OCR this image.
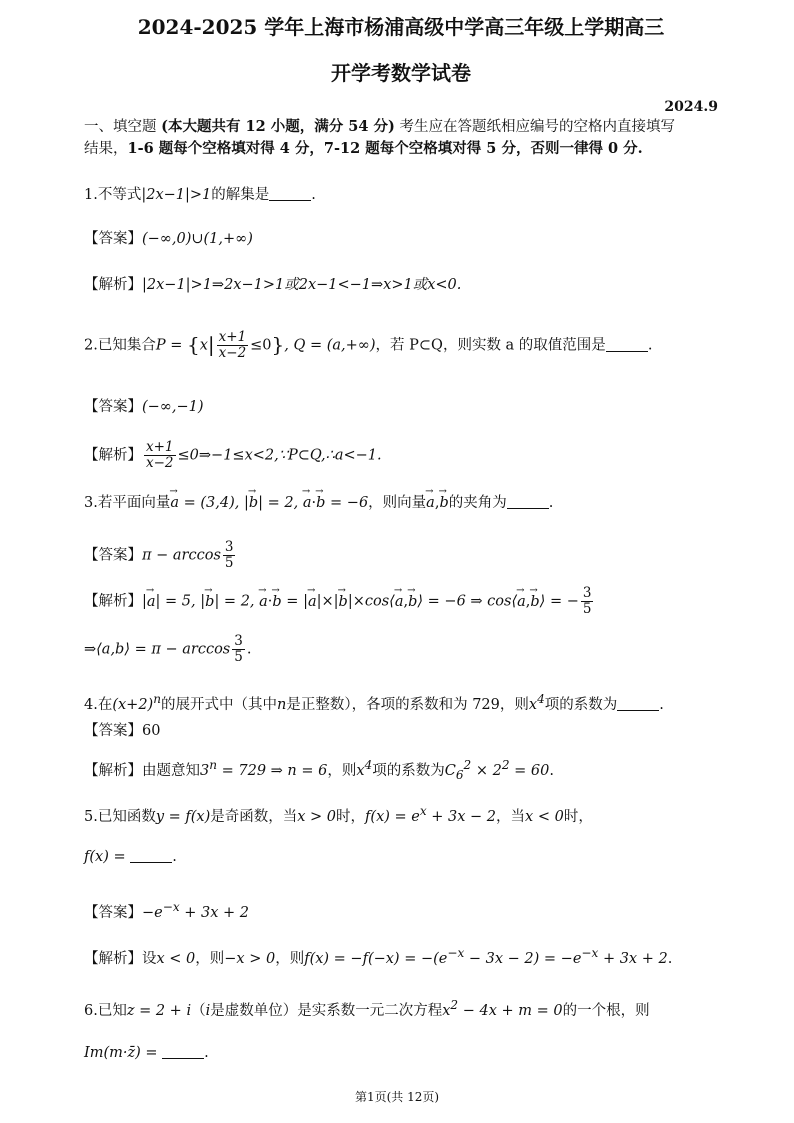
2024-2025 学年上海市杨浦高级中学高三年级上学期高三

开学考数学试卷

2024.9
一、填空题 (本大题共有 12 小题，满分 54 分) 考生应在答题纸相应编号的空格内直接填写
结果，1-6 题每个空格填对得 4 分，7-12 题每个空格填对得 5 分，否则一律得 0 分.
1.不等式|2x−1|>1的解集是	.
【答案】(−∞,0)∪(1,+∞)
【解析】|2x−1|>1⇒2x−1>1或2x−1<−1⇒x>1或x<0.
2.已知集合$P = \{x| \frac{x+1}{x-2} \le 0\}$, Q = (a,+∞)，若 P⊂Q，则实数 a 的取值范围是	.
【答案】(−∞,−1)
【解析】 $\frac{x+1}{x-2}$ ≤0⇒−1≤x<2,∵P⊂Q,∴a<−1.
3.若平面向量→ a = (3,4), |→ b| = 2, → a·→ b = −6，则向量→ a,→ b的夹角为	.
【答案】$\pi - \arccos \frac{3}{5}$
【解析】|→ a| = 5, |→ b| = 2, → a·→ b = |→ a|×|→ b|×cos⟨→ a,→ b⟩ = −6 ⇒ cos⟨→ a,→ b⟩ = − $\frac{3}{5}$
⇒⟨a,b⟩ = $\pi - \arccos \frac{3}{5}$ .
4.在$(x+2)^n$的展开式中（其中n是正整数），各项的系数和为 729，则$x^4$项的系数为	.
【答案】60
【解析】由题意知$3^n = 729$ ⇒ n = 6，则$x^4$项的系数为$C_6^2 \times 2^2 = 60$.
5.已知函数y = f(x)是奇函数，当x > 0时，$f(x) = e^x + 3x - 2$，当x < 0时，
f(x) =	.
【答案】$-e^{-x} + 3x + 2$
【解析】设x < 0，则−x > 0，则$f(x) = -f(-x) = -(e^{-x} - 3x - 2) = -e^{-x} + 3x + 2$.
6.已知z = 2 + i（i是虚数单位）是实系数一元二次方程$x^2 - 4x + m = 0$的一个根，则
Im(m·z̄) =	.
第1页(共 12页)
